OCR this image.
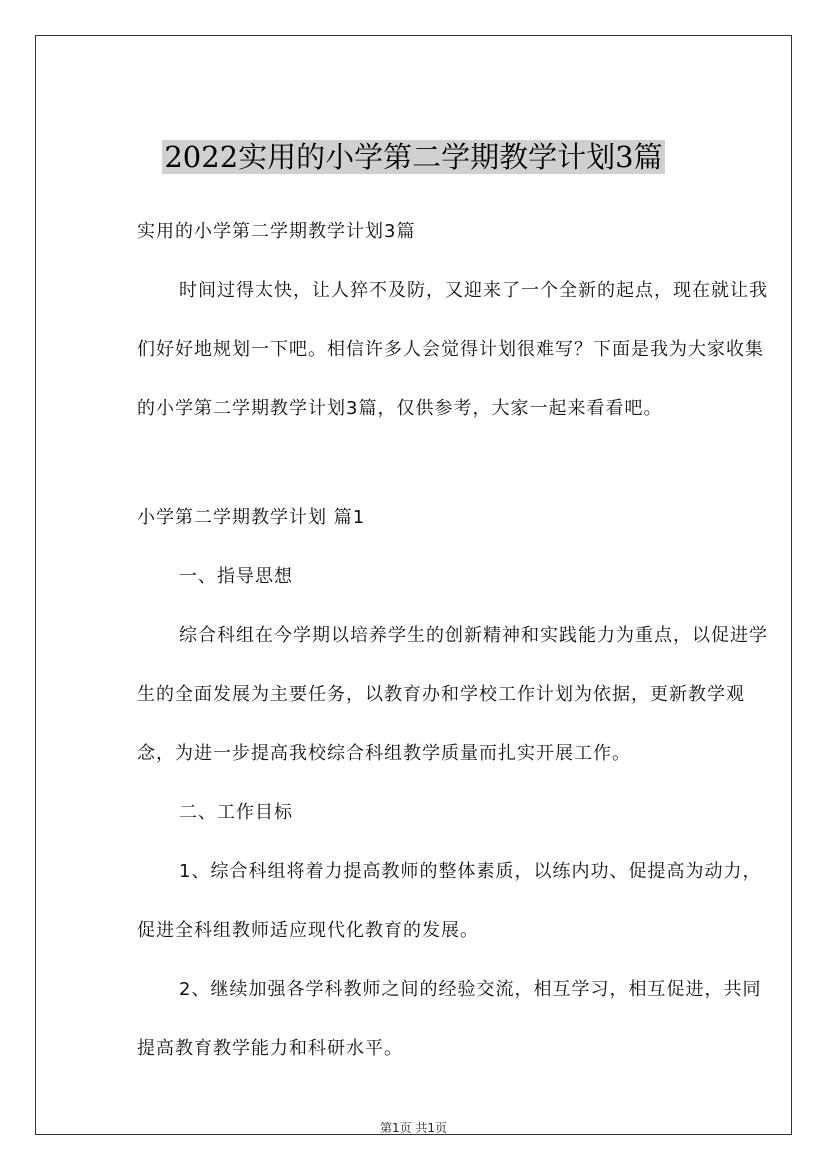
2022实用的小学第二学期教学计划3篇

实用的小学第二学期教学计划3篇

时间过得太快，让人猝不及防，又迎来了一个全新的起点，现在就让我们好好地规划一下吧。相信许多人会觉得计划很难写？下面是我为大家收集的小学第二学期教学计划3篇，仅供参考，大家一起来看看吧。

小学第二学期教学计划 篇1

一、指导思想

综合科组在今学期以培养学生的创新精神和实践能力为重点，以促进学生的全面发展为主要任务，以教育办和学校工作计划为依据，更新教学观念，为进一步提高我校综合科组教学质量而扎实开展工作。

二、工作目标

1、综合科组将着力提高教师的整体素质，以练内功、促提高为动力，促进全科组教师适应现代化教育的发展。

2、继续加强各学科教师之间的经验交流，相互学习，相互促进，共同提高教育教学能力和科研水平。

第1页 共1页
